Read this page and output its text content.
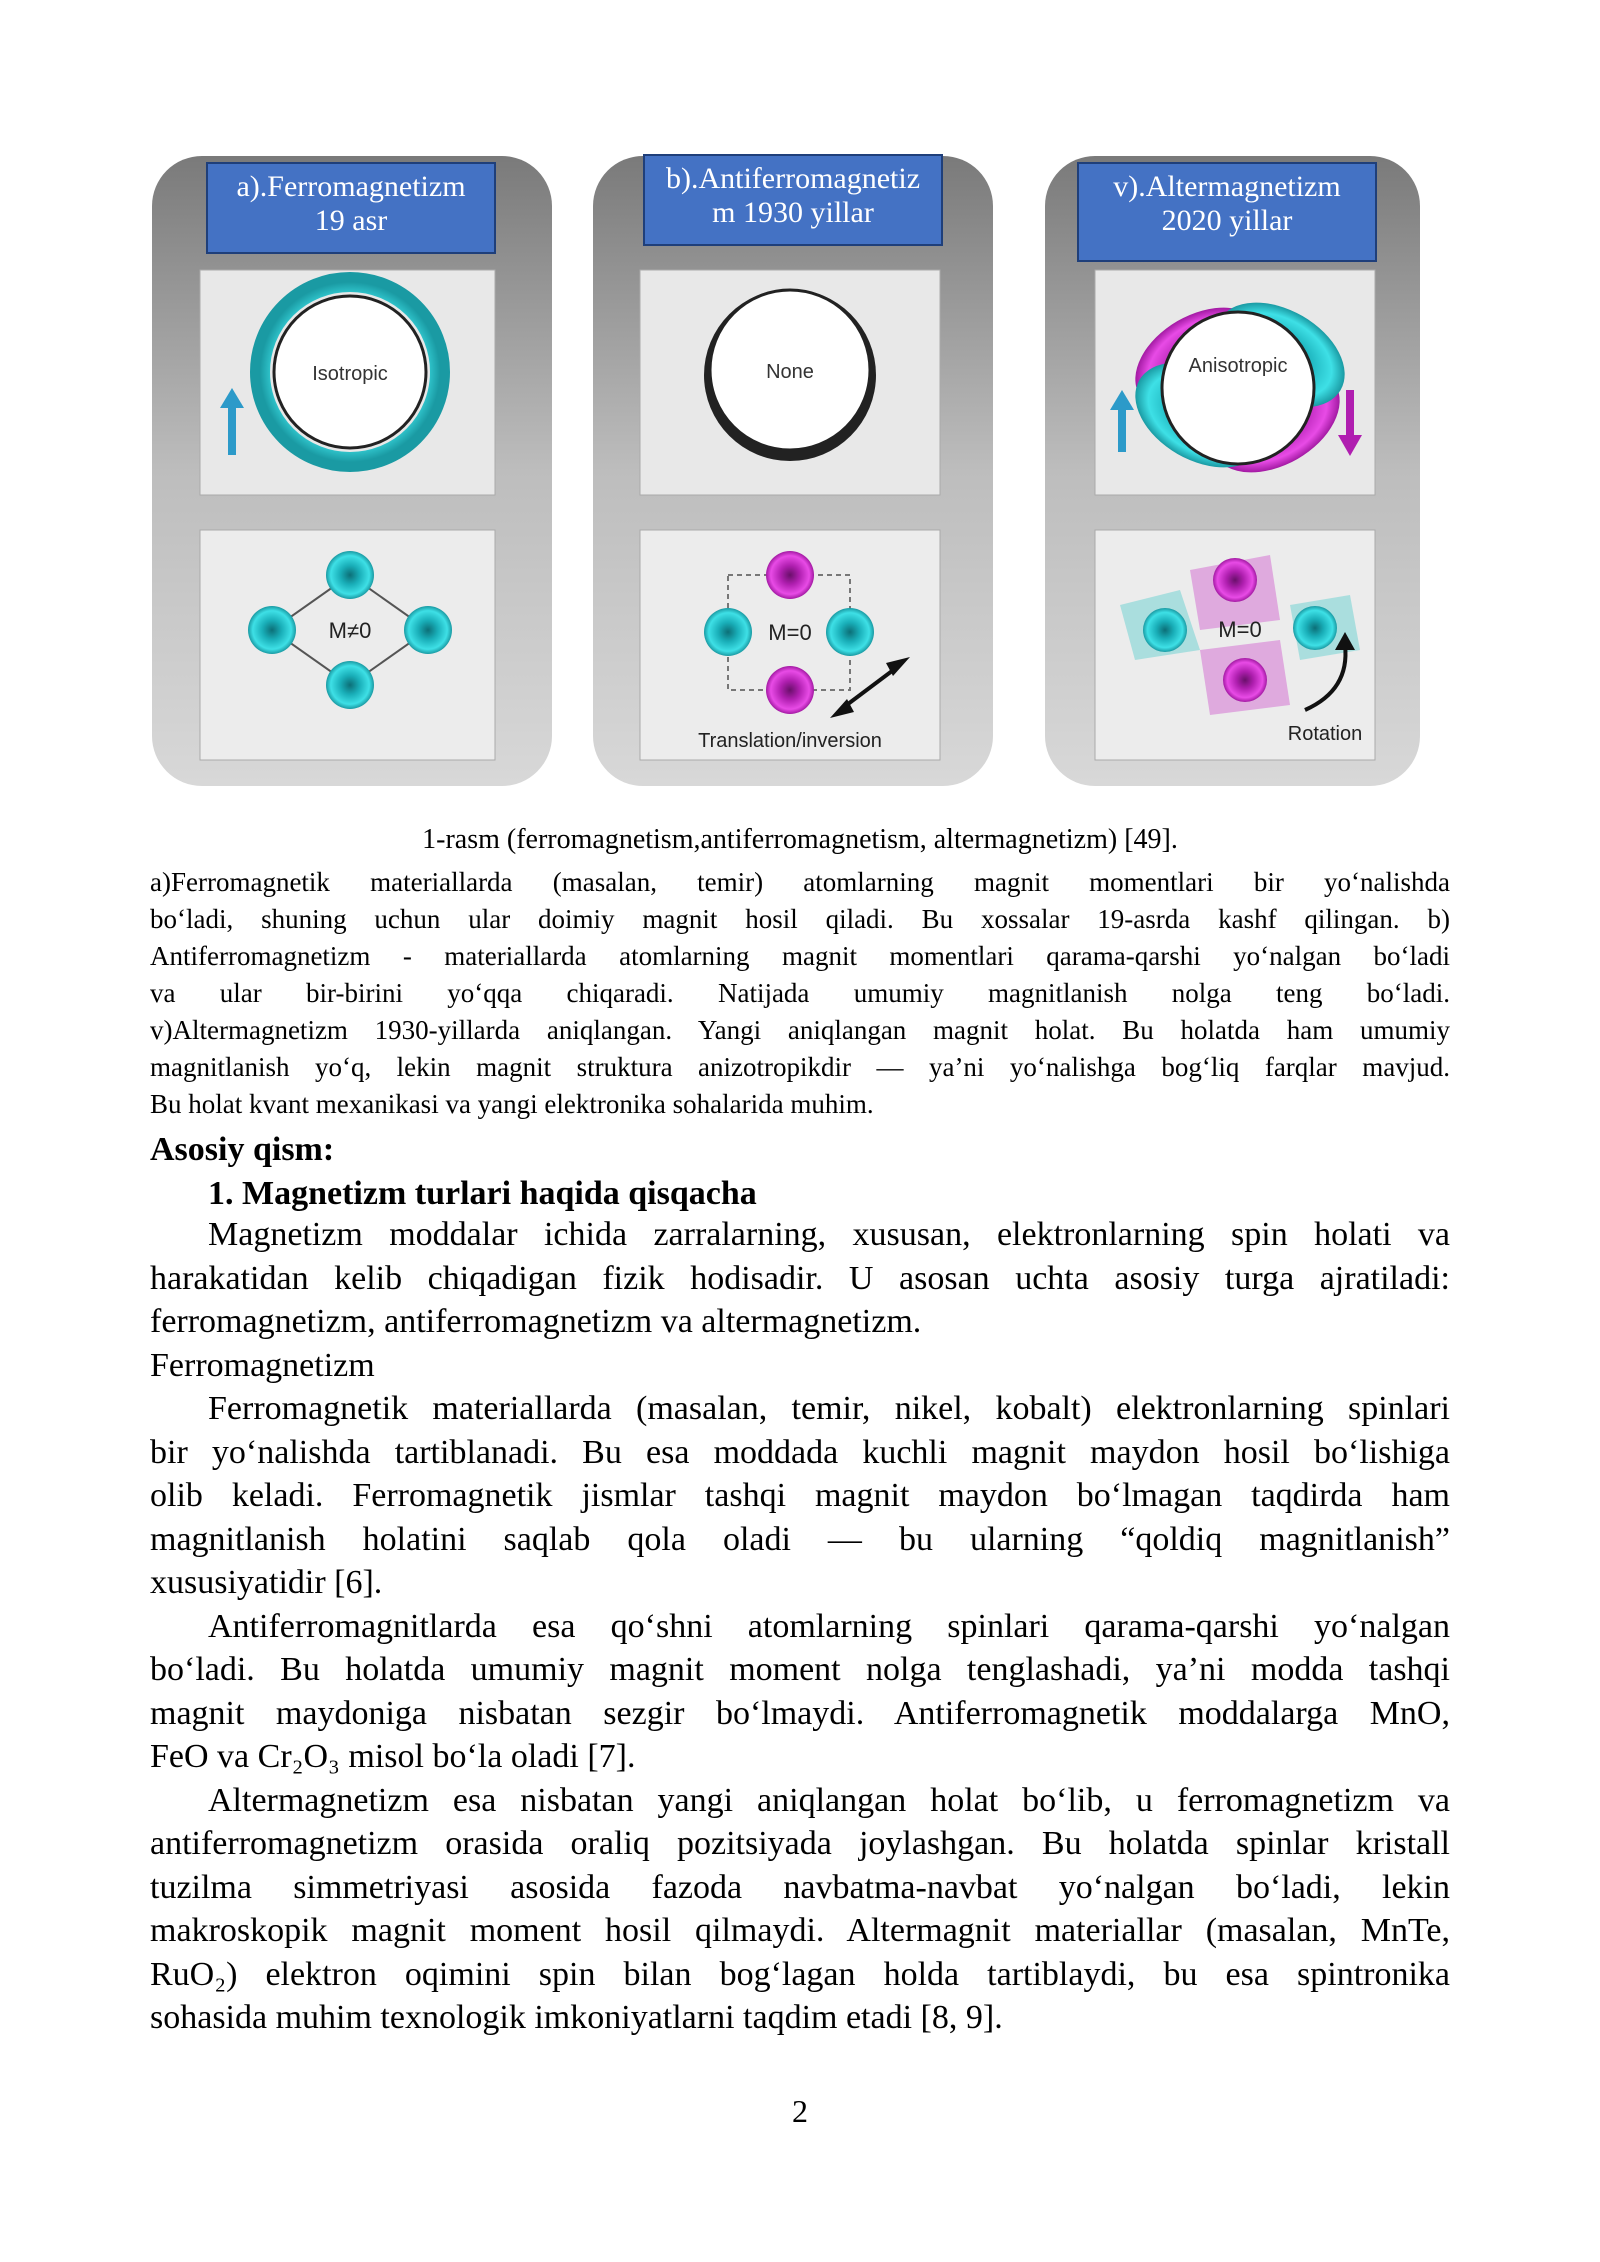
Isotropic
M≠0
None
M=0
Translation/inversion
Anisotropic
M=0
Rotation
a).Ferromagnetizm
19 asr
b).Antiferromagnetiz
m 1930 yillar
v).Altermagnetizm
2020 yillar
1-rasm (ferromagnetism,antiferromagnetism, altermagnetizm) [49].

a)Ferromagnetik materiallarda (masalan, temir) atomlarning magnit momentlari bir yo‘nalishda

bo‘ladi, shuning uchun ular doimiy magnit hosil qiladi. Bu xossalar 19-asrda kashf qilingan. b)

Antiferromagnetizm - materiallarda atomlarning magnit momentlari qarama-qarshi yo‘nalgan bo‘ladi

va ular bir-birini yo‘qqa chiqaradi. Natijada umumiy magnitlanish nolga teng bo‘ladi.

v)Altermagnetizm 1930-yillarda aniqlangan. Yangi aniqlangan magnit holat. Bu holatda ham umumiy

magnitlanish yo‘q, lekin magnit struktura anizotropikdir — ya’ni yo‘nalishga bog‘liq farqlar mavjud.

Bu holat kvant mexanikasi va yangi elektronika sohalarida muhim.

Asosiy qism:
1. Magnetizm turlari haqida qisqacha

Magnetizm moddalar ichida zarralarning, xususan, elektronlarning spin holati va

harakatidan kelib chiqadigan fizik hodisadir. U asosan uchta asosiy turga ajratiladi:

ferromagnetizm, antiferromagnetizm va altermagnetizm.

Ferromagnetizm

Ferromagnetik materiallarda (masalan, temir, nikel, kobalt) elektronlarning spinlari

bir yo‘nalishda tartiblanadi. Bu esa moddada kuchli magnit maydon hosil bo‘lishiga

olib keladi. Ferromagnetik jismlar tashqi magnit maydon bo‘lmagan taqdirda ham

magnitlanish holatini saqlab qola oladi — bu ularning “qoldiq magnitlanish”

xususiyatidir [6].

Antiferromagnitlarda esa qo‘shni atomlarning spinlari qarama-qarshi yo‘nalgan

bo‘ladi. Bu holatda umumiy magnit moment nolga tenglashadi, ya’ni modda tashqi

magnit maydoniga nisbatan sezgir bo‘lmaydi. Antiferromagnetik moddalarga MnO,

FeO va Cr₂O₃ misol bo‘la oladi [7].

Altermagnetizm esa nisbatan yangi aniqlangan holat bo‘lib, u ferromagnetizm va

antiferromagnetizm orasida oraliq pozitsiyada joylashgan. Bu holatda spinlar kristall

tuzilma simmetriyasi asosida fazoda navbatma-navbat yo‘nalgan bo‘ladi, lekin

makroskopik magnit moment hosil qilmaydi. Altermagnit materiallar (masalan, MnTe,

RuO₂) elektron oqimini spin bilan bog‘lagan holda tartiblaydi, bu esa spintronika

sohasida muhim texnologik imkoniyatlarni taqdim etadi [8, 9].

2
